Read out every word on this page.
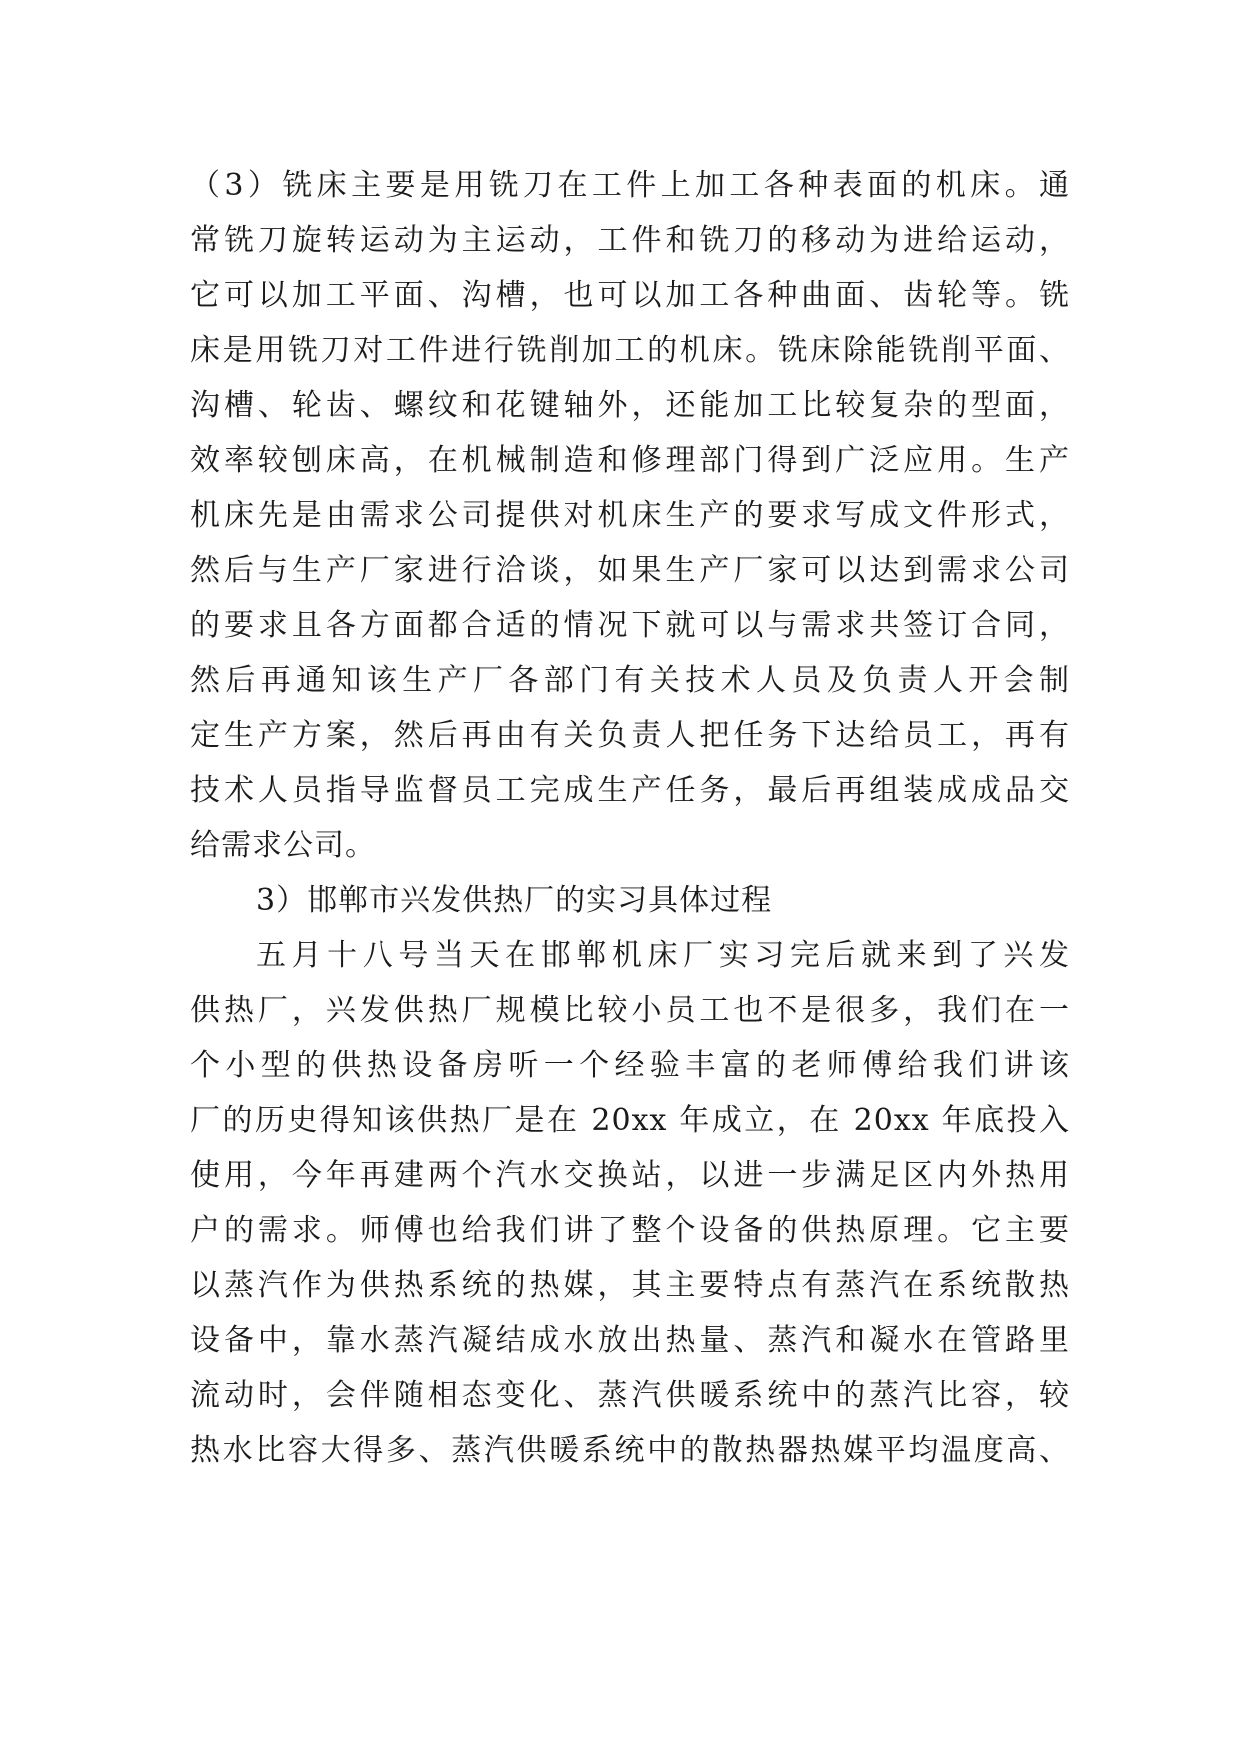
（3）铣床主要是用铣刀在工件上加工各种表面的机床。通
常铣刀旋转运动为主运动，工件和铣刀的移动为进给运动，
它可以加工平面、沟槽，也可以加工各种曲面、齿轮等。铣
床是用铣刀对工件进行铣削加工的机床。铣床除能铣削平面、
沟槽、轮齿、螺纹和花键轴外，还能加工比较复杂的型面，
效率较刨床高，在机械制造和修理部门得到广泛应用。生产
机床先是由需求公司提供对机床生产的要求写成文件形式，
然后与生产厂家进行洽谈，如果生产厂家可以达到需求公司
的要求且各方面都合适的情况下就可以与需求共签订合同，
然后再通知该生产厂各部门有关技术人员及负责人开会制
定生产方案，然后再由有关负责人把任务下达给员工，再有
技术人员指导监督员工完成生产任务，最后再组装成成品交
给需求公司。
3）邯郸市兴发供热厂的实习具体过程
五月十八号当天在邯郸机床厂实习完后就来到了兴发
供热厂，兴发供热厂规模比较小员工也不是很多，我们在一
个小型的供热设备房听一个经验丰富的老师傅给我们讲该
厂的历史得知该供热厂是在 20xx 年成立，在 20xx 年底投入
使用，今年再建两个汽水交换站，以进一步满足区内外热用
户的需求。师傅也给我们讲了整个设备的供热原理。它主要
以蒸汽作为供热系统的热媒，其主要特点有蒸汽在系统散热
设备中，靠水蒸汽凝结成水放出热量、蒸汽和凝水在管路里
流动时，会伴随相态变化、蒸汽供暖系统中的蒸汽比容，较
热水比容大得多、蒸汽供暖系统中的散热器热媒平均温度高、
